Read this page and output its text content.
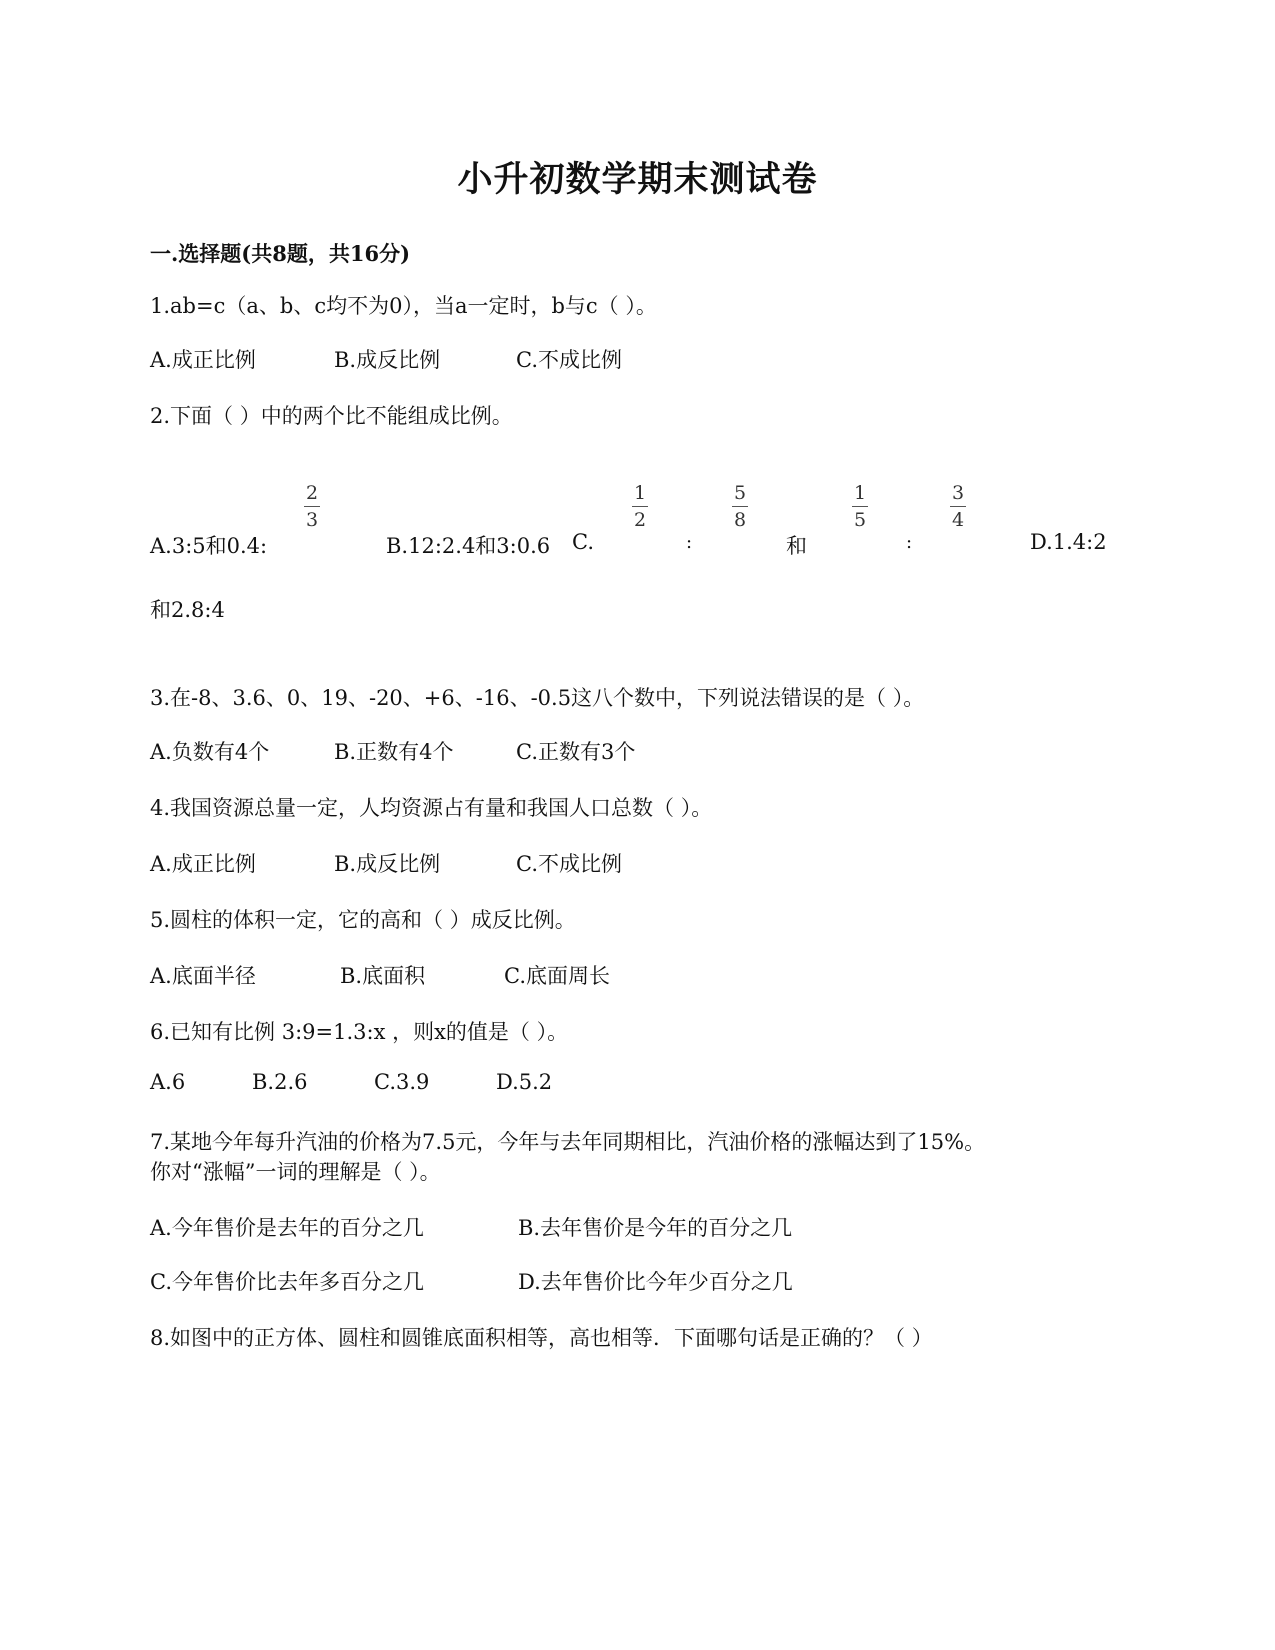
小升初数学期末测试卷
一.选择题(共8题，共16分)
1.ab=c（a、b、c均不为0），当a一定时，b与c（ ）。
A.成正比例	B.成反比例	C.不成比例
2.下面（ ）中的两个比不能组成比例。
A.3:5和0.4:
2
3
B.12:2.4和3:0.6 C.
1
2
:
5
8
和
1
5
:
3
4
D.1.4:2
和2.8:4
3.在-8、3.6、0、19、-20、+6、-16、-0.5这八个数中，下列说法错误的是（ ）。
A.负数有4个	B.正数有4个	C.正数有3个
4.我国资源总量一定，人均资源占有量和我国人口总数（ ）。
A.成正比例	B.成反比例	C.不成比例
5.圆柱的体积一定，它的高和（ ）成反比例。
A.底面半径	B.底面积	C.底面周长
6.已知有比例 3:9=1.3:x ，则x的值是（ ）。
A.6	B.2.6	C.3.9	D.5.2
7.某地今年每升汽油的价格为7.5元，今年与去年同期相比，汽油价格的涨幅达到了15%。
你对“涨幅”一词的理解是（ ）。
A.今年售价是去年的百分之几	B.去年售价是今年的百分之几
C.今年售价比去年多百分之几	D.去年售价比今年少百分之几
8.如图中的正方体、圆柱和圆锥底面积相等，高也相等．下面哪句话是正确的？（ ）
